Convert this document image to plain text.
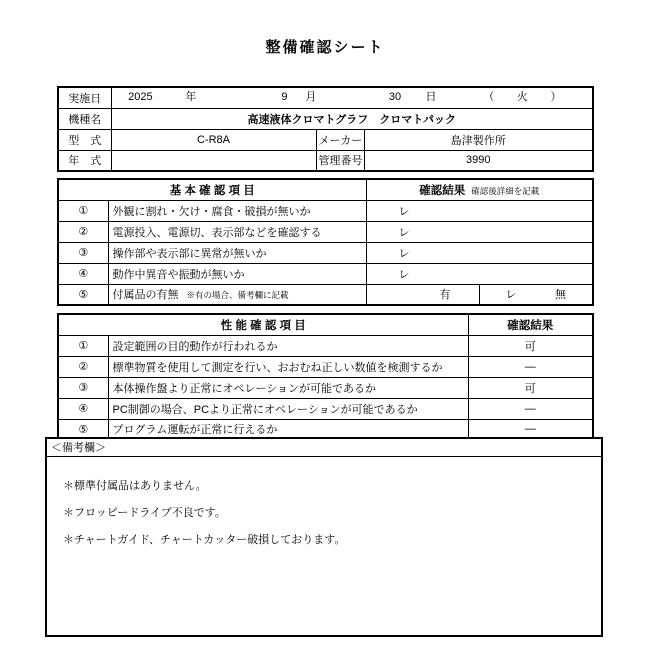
整備確認シート
実施日	2025	年	9 月	30 日	（ 火 ）

機種名	高速液体クロマトグラフ　クロマトパック		
型　式	C-R8A	メーカー	島津製作所
年　式		管理番号	3990
基 本 確 認 項 目		確認結果 確認後詳細を記載	
①	外観に割れ・欠け・腐食・破損が無いか	レ	
②	電源投入、電源切、表示部などを確認する	レ	
③	操作部や表示部に異常が無いか	レ	
④	動作中異音や振動が無いか	レ	
⑤	付属品の有無 ※有の場合、備考欄に記載	有	レ 無
性 能 確 認 項 目		確認結果
①	設定範囲の目的動作が行われるか	可
②	標準物質を使用して測定を行い、おおむね正しい数値を検測するか	―
③	本体操作盤より正常にオペレーションが可能であるか	可
④	PC制御の場合、PCより正常にオペレーションが可能であるか	―
⑤	プログラム運転が正常に行えるか	―
＜備考欄＞
＊標準付属品はありません。
＊フロッピードライブ不良です。
＊チャートガイド、チャートカッター破損しております。
